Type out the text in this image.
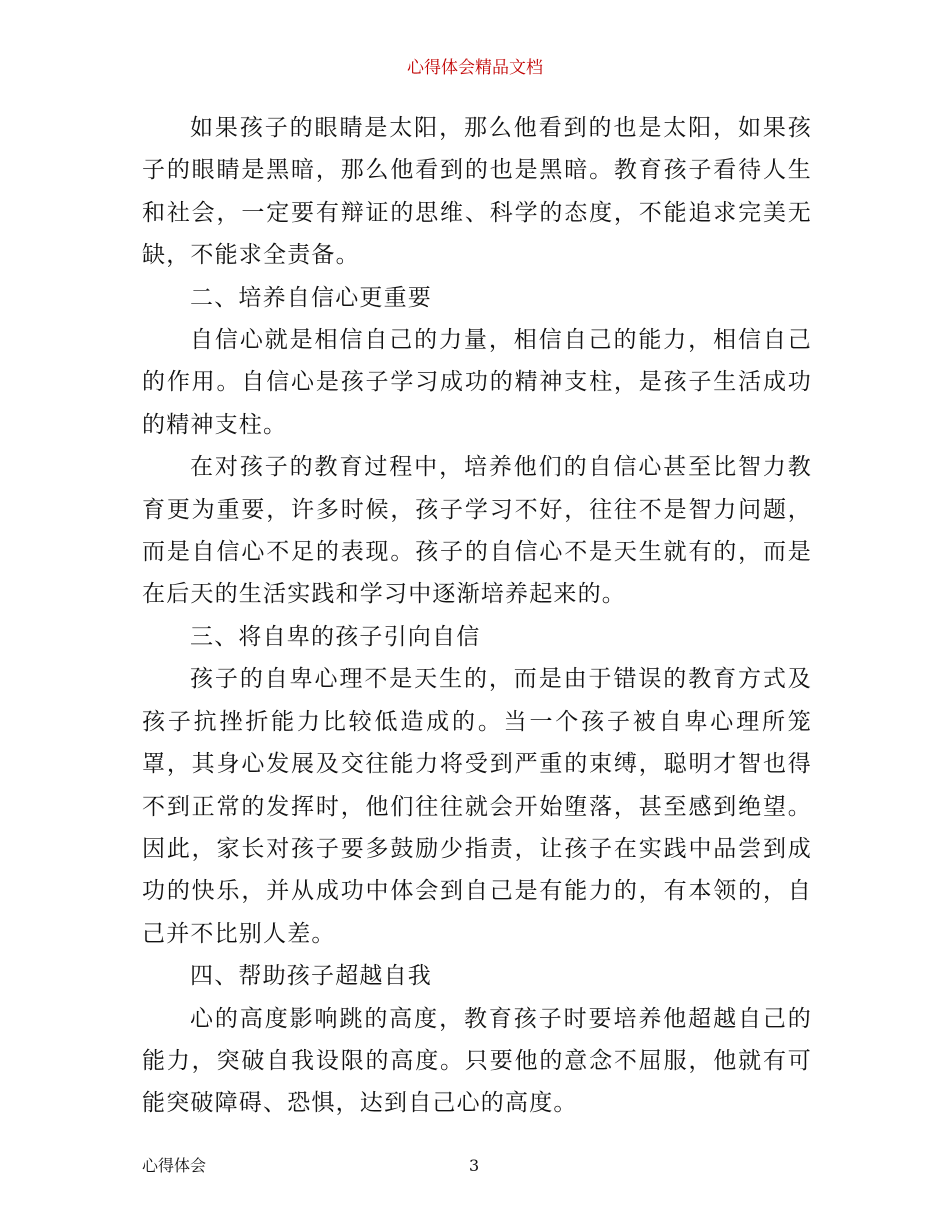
心得体会精品文档

如果孩子的眼睛是太阳，那么他看到的也是太阳，如果孩子的眼睛是黑暗，那么他看到的也是黑暗。教育孩子看待人生和社会，一定要有辩证的思维、科学的态度，不能追求完美无缺，不能求全责备。

二、培养自信心更重要

自信心就是相信自己的力量，相信自己的能力，相信自己的作用。自信心是孩子学习成功的精神支柱，是孩子生活成功的精神支柱。

在对孩子的教育过程中，培养他们的自信心甚至比智力教育更为重要，许多时候，孩子学习不好，往往不是智力问题，而是自信心不足的表现。孩子的自信心不是天生就有的，而是在后天的生活实践和学习中逐渐培养起来的。

三、将自卑的孩子引向自信

孩子的自卑心理不是天生的，而是由于错误的教育方式及孩子抗挫折能力比较低造成的。当一个孩子被自卑心理所笼罩，其身心发展及交往能力将受到严重的束缚，聪明才智也得不到正常的发挥时，他们往往就会开始堕落，甚至感到绝望。因此，家长对孩子要多鼓励少指责，让孩子在实践中品尝到成功的快乐，并从成功中体会到自己是有能力的，有本领的，自己并不比别人差。

四、帮助孩子超越自我

心的高度影响跳的高度，教育孩子时要培养他超越自己的能力，突破自我设限的高度。只要他的意念不屈服，他就有可能突破障碍、恐惧，达到自己心的高度。

心得体会	3
